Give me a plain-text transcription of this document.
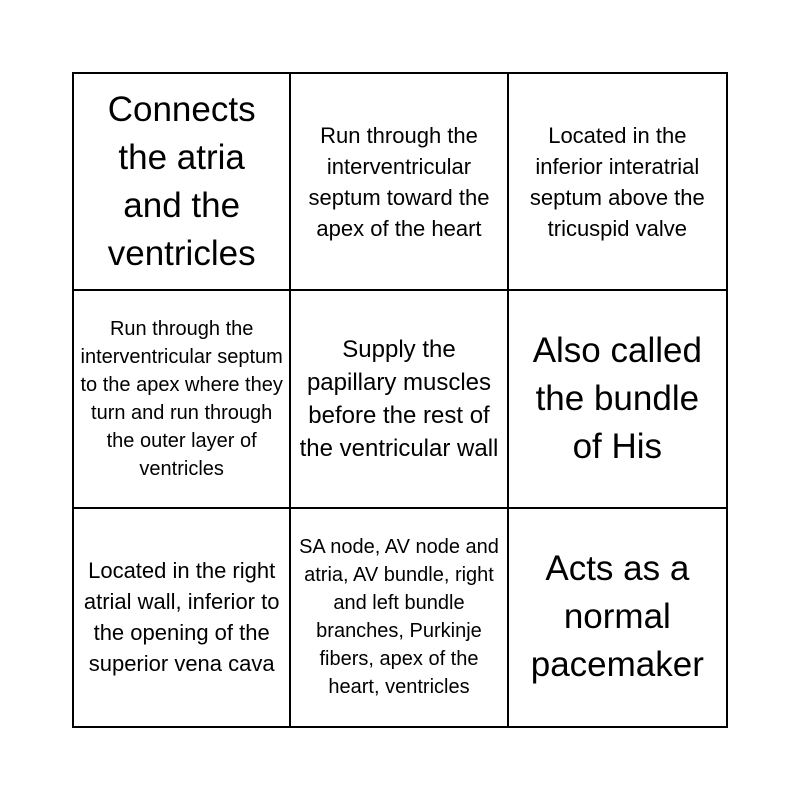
Connects the atria and the ventricles
Run through the interventricular septum toward the apex of the heart
Located in the inferior interatrial septum above the tricuspid valve
Run through the interventricular septum to the apex where they turn and run through the outer layer of ventricles
Supply the papillary muscles before the rest of the ventricular wall
Also called the bundle of His
Located in the right atrial wall, inferior to the opening of the superior vena cava
SA node, AV node and atria, AV bundle, right and left bundle branches, Purkinje fibers, apex of the heart, ventricles
Acts as a normal pacemaker
